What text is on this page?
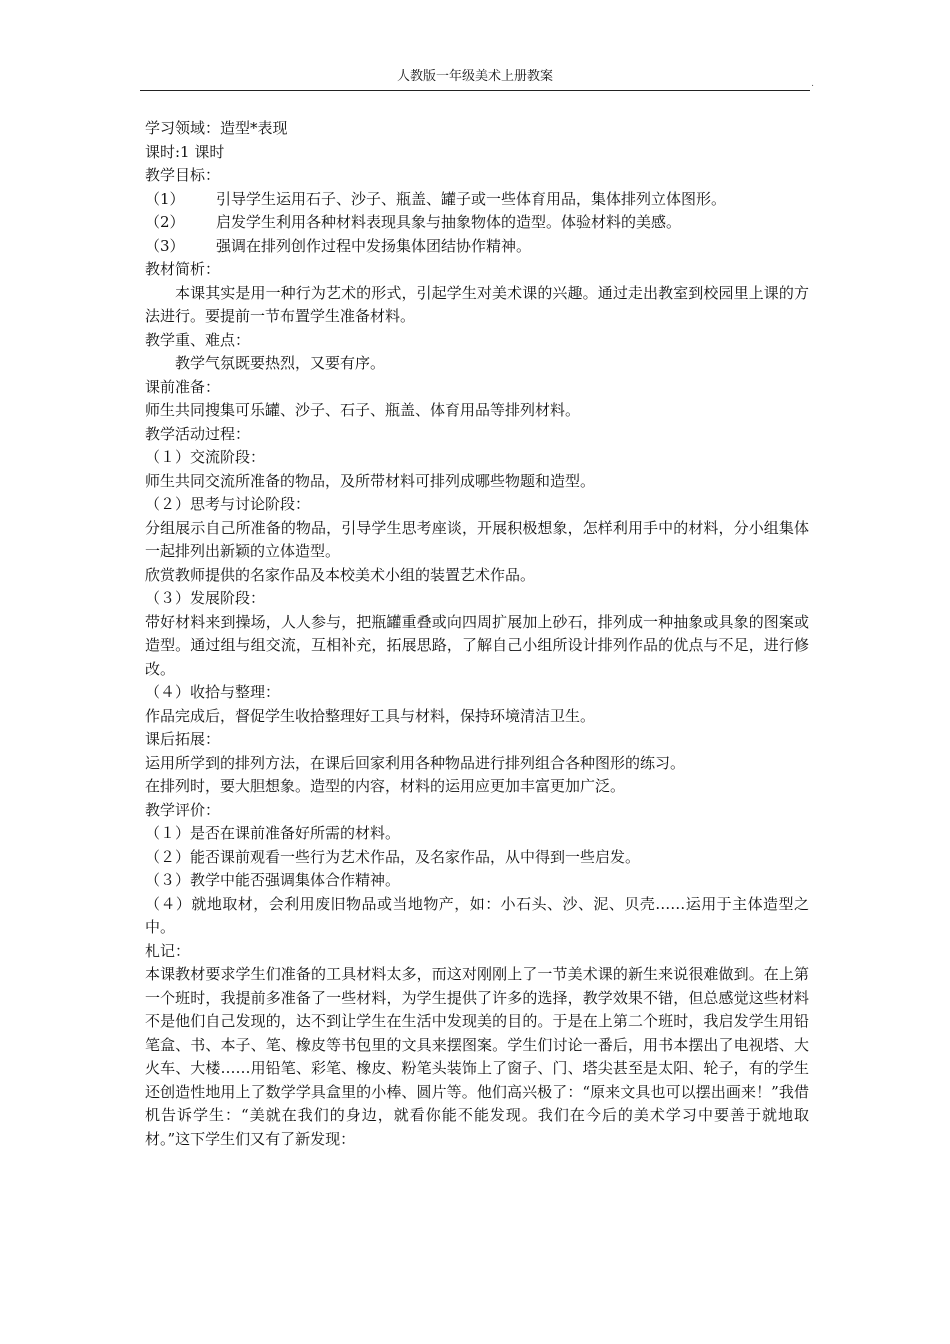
人教版一年级美术上册教案	.
学习领域：造型*表现
课时:1 课时
教学目标：
（1） 引导学生运用石子、沙子、瓶盖、罐子或一些体育用品，集体排列立体图形。
（2） 启发学生利用各种材料表现具象与抽象物体的造型。体验材料的美感。
（3） 强调在排列创作过程中发扬集体团结协作精神。
教材简析：
本课其实是用一种行为艺术的形式，引起学生对美术课的兴趣。通过走出教室到校园里上课的方法进行。要提前一节布置学生准备材料。
教学重、难点：
教学气氛既要热烈，又要有序。
课前准备：
师生共同搜集可乐罐、沙子、石子、瓶盖、体育用品等排列材料。
教学活动过程：
（１）交流阶段：
师生共同交流所准备的物品，及所带材料可排列成哪些物题和造型。
（２）思考与讨论阶段：
分组展示自己所准备的物品，引导学生思考座谈，开展积极想象，怎样利用手中的材料，分小组集体一起排列出新颖的立体造型。
欣赏教师提供的名家作品及本校美术小组的装置艺术作品。
（３）发展阶段：
带好材料来到操场，人人参与，把瓶罐重叠或向四周扩展加上砂石，排列成一种抽象或具象的图案或造型。通过组与组交流，互相补充，拓展思路，了解自己小组所设计排列作品的优点与不足，进行修改。
（４）收拾与整理：
作品完成后，督促学生收拾整理好工具与材料，保持环境清洁卫生。
课后拓展：
运用所学到的排列方法，在课后回家利用各种物品进行排列组合各种图形的练习。
在排列时，要大胆想象。造型的内容，材料的运用应更加丰富更加广泛。
教学评价：
（１）是否在课前准备好所需的材料。
（２）能否课前观看一些行为艺术作品，及名家作品，从中得到一些启发。
（３）教学中能否强调集体合作精神。
（４）就地取材，会利用废旧物品或当地物产，如：小石头、沙、泥、贝壳……运用于主体造型之中。
札记：
本课教材要求学生们准备的工具材料太多，而这对刚刚上了一节美术课的新生来说很难做到。在上第一个班时，我提前多准备了一些材料，为学生提供了许多的选择，教学效果不错，但总感觉这些材料不是他们自己发现的，达不到让学生在生活中发现美的目的。于是在上第二个班时，我启发学生用铅笔盒、书、本子、笔、橡皮等书包里的文具来摆图案。学生们讨论一番后，用书本摆出了电视塔、大火车、大楼……用铅笔、彩笔、橡皮、粉笔头装饰上了窗子、门、塔尖甚至是太阳、轮子，有的学生还创造性地用上了数学学具盒里的小棒、圆片等。他们高兴极了：“原来文具也可以摆出画来！”我借机告诉学生：“美就在我们的身边，就看你能不能发现。我们在今后的美术学习中要善于就地取材。”这下学生们又有了新发现：
